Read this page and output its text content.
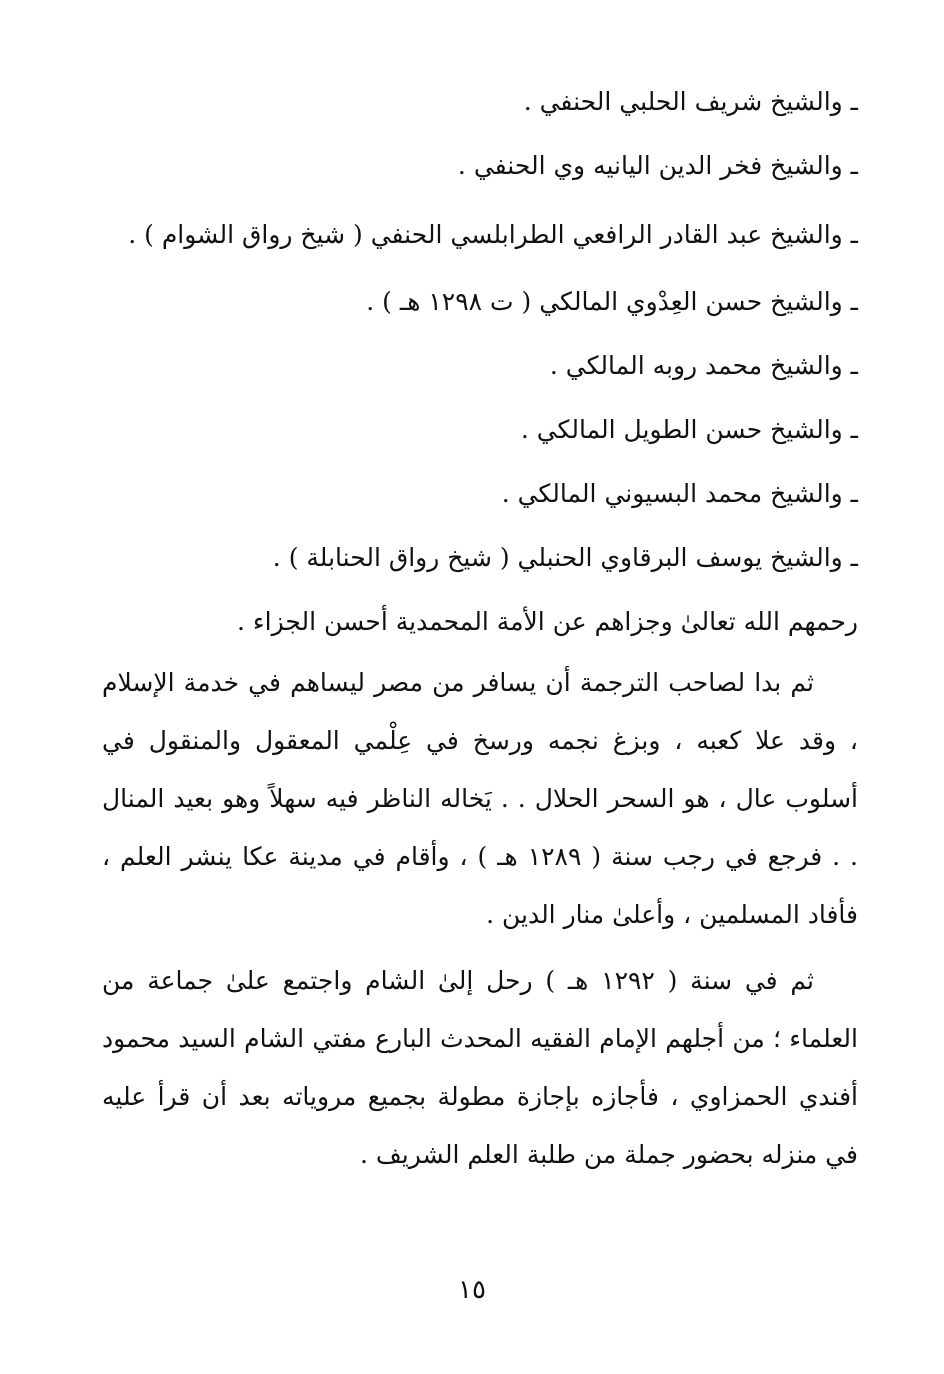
ـ والشيخ شريف الحلبي الحنفي .
ـ والشيخ فخر الدين اليانيه وي الحنفي .
ـ والشيخ عبد القادر الرافعي الطرابلسي الحنفي ( شيخ رواق الشوام ) .
ـ والشيخ حسن العِدْوي المالكي ( ت ١٢٩٨ هـ ) .
ـ والشيخ محمد روبه المالكي .
ـ والشيخ حسن الطويل المالكي .
ـ والشيخ محمد البسيوني المالكي .
ـ والشيخ يوسف البرقاوي الحنبلي ( شيخ رواق الحنابلة ) .
رحمهم الله تعالىٰ وجزاهم عن الأمة المحمدية أحسن الجزاء .

ثم بدا لصاحب الترجمة أن يسافر من مصر ليساهم في خدمة الإسلام ، وقد علا كعبه ، وبزغ نجمه ورسخ في عِلْمي المعقول والمنقول في أسلوب عال ، هو السحر الحلال . . يَخاله الناظر فيه سهلاً وهو بعيد المنال . . فرجع في رجب سنة ( ١٢٨٩ هـ ) ، وأقام في مدينة عكا ينشر العلم ، فأفاد المسلمين ، وأعلىٰ منار الدين .

ثم في سنة ( ١٢٩٢ هـ ) رحل إلىٰ الشام واجتمع علىٰ جماعة من العلماء ؛ من أجلهم الإمام الفقيه المحدث البارع مفتي الشام السيد محمود أفندي الحمزاوي ، فأجازه بإجازة مطولة بجميع مروياته بعد أن قرأ عليه في منزله بحضور جملة من طلبة العلم الشريف .

١٥
